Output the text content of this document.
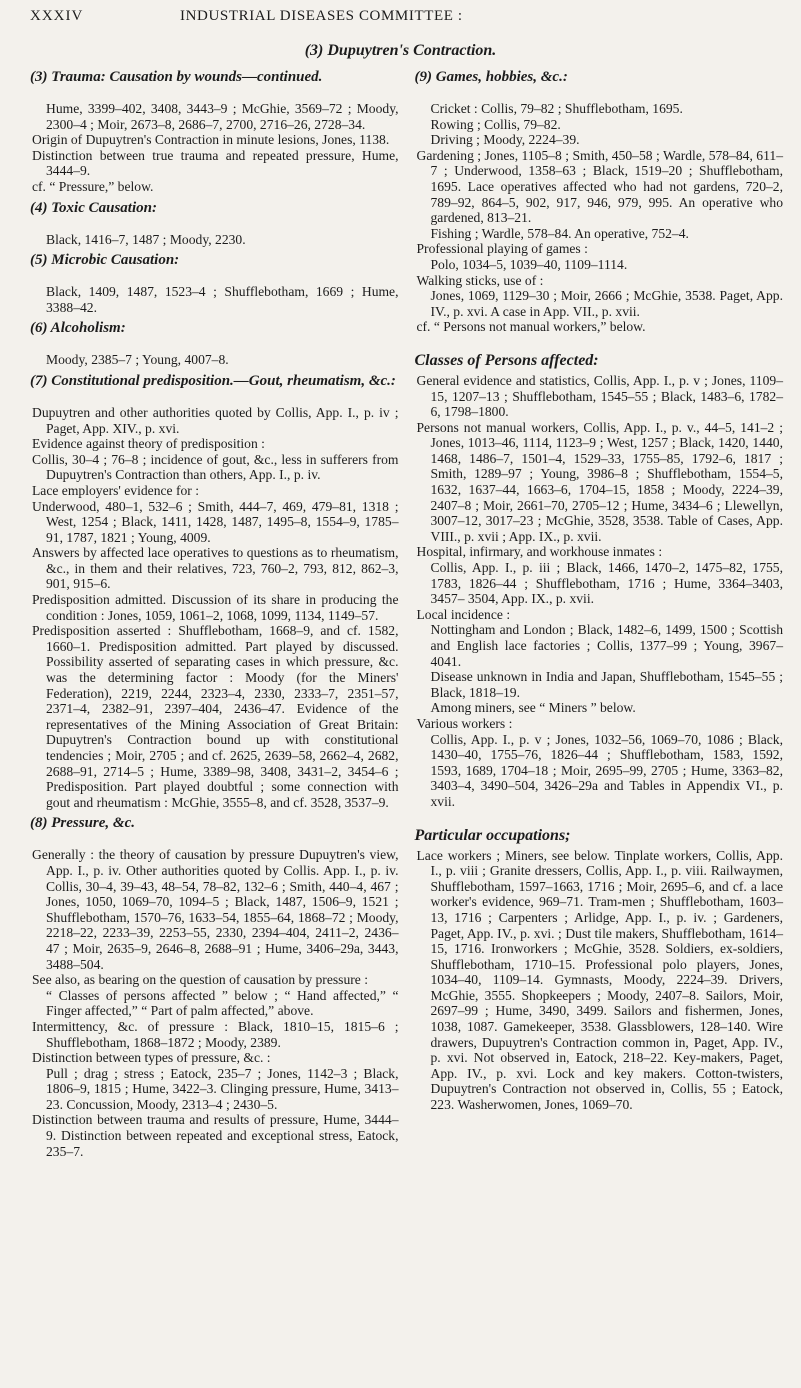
XXXIV	INDUSTRIAL DISEASES COMMITTEE :
(3) Dupuytren's Contraction.

(3) Trauma: Causation by wounds—continued.

Hume, 3399–402, 3408, 3443–9 ; McGhie, 3569–72 ; Moody, 2300–4 ; Moir, 2673–8, 2686–7, 2700, 2716–26, 2728–34.

Origin of Dupuytren's Contraction in minute lesions, Jones, 1138.

Distinction between true trauma and repeated pressure, Hume, 3444–9.

cf. “ Pressure,” below.

(4) Toxic Causation:

Black, 1416–7, 1487 ; Moody, 2230.

(5) Microbic Causation:

Black, 1409, 1487, 1523–4 ; Shufflebotham, 1669 ; Hume, 3388–42.

(6) Alcoholism:

Moody, 2385–7 ; Young, 4007–8.

(7) Constitutional predisposition.—Gout, rheumatism, &c.:

Dupuytren and other authorities quoted by Collis, App. I., p. iv ; Paget, App. XIV., p. xvi.

Evidence against theory of predisposition :

Collis, 30–4 ; 76–8 ; incidence of gout, &c., less in sufferers from Dupuytren's Contraction than others, App. I., p. iv.

Lace employers' evidence for :

Underwood, 480–1, 532–6 ; Smith, 444–7, 469, 479–81, 1318 ; West, 1254 ; Black, 1411, 1428, 1487, 1495–8, 1554–9, 1785–91, 1787, 1821 ; Young, 4009.

Answers by affected lace operatives to questions as to rheumatism, &c., in them and their relatives, 723, 760–2, 793, 812, 862–3, 901, 915–6.

Predisposition admitted. Discussion of its share in producing the condition : Jones, 1059, 1061–2, 1068, 1099, 1134, 1149–57.

Predisposition asserted : Shufflebotham, 1668–9, and cf. 1582, 1660–1. Predisposition admitted. Part played by discussed. Possibility asserted of separating cases in which pressure, &c. was the determining factor : Moody (for the Miners' Federation), 2219, 2244, 2323–4, 2330, 2333–7, 2351–57, 2371–4, 2382–91, 2397–404, 2436–47. Evidence of the representatives of the Mining Association of Great Britain: Dupuytren's Contraction bound up with constitutional tendencies ; Moir, 2705 ; and cf. 2625, 2639–58, 2662–4, 2682, 2688–91, 2714–5 ; Hume, 3389–98, 3408, 3431–2, 3454–6 ; Predisposition. Part played doubtful ; some connection with gout and rheumatism : McGhie, 3555–8, and cf. 3528, 3537–9.

(8) Pressure, &c.

Generally : the theory of causation by pressure Dupuytren's view, App. I., p. iv. Other authorities quoted by Collis. App. I., p. iv. Collis, 30–4, 39–43, 48–54, 78–82, 132–6 ; Smith, 440–4, 467 ; Jones, 1050, 1069–70, 1094–5 ; Black, 1487, 1506–9, 1521 ; Shufflebotham, 1570–76, 1633–54, 1855–64, 1868–72 ; Moody, 2218–22, 2233–39, 2253–55, 2330, 2394–404, 2411–2, 2436–47 ; Moir, 2635–9, 2646–8, 2688–91 ; Hume, 3406–29a, 3443, 3488–504.

See also, as bearing on the question of causation by pressure :

“ Classes of persons affected ” below ; “ Hand affected,” “ Finger affected,” “ Part of palm affected,” above.

Intermittency, &c. of pressure : Black, 1810–15, 1815–6 ; Shufflebotham, 1868–1872 ; Moody, 2389.

Distinction between types of pressure, &c. :

Pull ; drag ; stress ; Eatock, 235–7 ; Jones, 1142–3 ; Black, 1806–9, 1815 ; Hume, 3422–3. Clinging pressure, Hume, 3413–23. Concussion, Moody, 2313–4 ; 2430–5.

Distinction between trauma and results of pressure, Hume, 3444–9. Distinction between repeated and exceptional stress, Eatock, 235–7.

(9) Games, hobbies, &c.:

Cricket : Collis, 79–82 ; Shufflebotham, 1695.

Rowing ; Collis, 79–82.

Driving ; Moody, 2224–39.

Gardening ; Jones, 1105–8 ; Smith, 450–58 ; Wardle, 578–84, 611–7 ; Underwood, 1358–63 ; Black, 1519–20 ; Shufflebotham, 1695. Lace operatives affected who had not gardens, 720–2, 789–92, 864–5, 902, 917, 946, 979, 995. An operative who gardened, 813–21.

Fishing ; Wardle, 578–84. An operative, 752–4.

Professional playing of games :

Polo, 1034–5, 1039–40, 1109–1114.

Walking sticks, use of :

Jones, 1069, 1129–30 ; Moir, 2666 ; McGhie, 3538. Paget, App. IV., p. xvi. A case in App. VII., p. xvii.

cf. “ Persons not manual workers,” below.

Classes of Persons affected:

General evidence and statistics, Collis, App. I., p. v ; Jones, 1109–15, 1207–13 ; Shufflebotham, 1545–55 ; Black, 1483–6, 1782–6, 1798–1800.

Persons not manual workers, Collis, App. I., p. v., 44–5, 141–2 ; Jones, 1013–46, 1114, 1123–9 ; West, 1257 ; Black, 1420, 1440, 1468, 1486–7, 1501–4, 1529–33, 1755–85, 1792–6, 1817 ; Smith, 1289–97 ; Young, 3986–8 ; Shufflebotham, 1554–5, 1632, 1637–44, 1663–6, 1704–15, 1858 ; Moody, 2224–39, 2407–8 ; Moir, 2661–70, 2705–12 ; Hume, 3434–6 ; Llewellyn, 3007–12, 3017–23 ; McGhie, 3528, 3538. Table of Cases, App. VIII., p. xvii ; App. IX., p. xvii.

Hospital, infirmary, and workhouse inmates :

Collis, App. I., p. iii ; Black, 1466, 1470–2, 1475–82, 1755, 1783, 1826–44 ; Shufflebotham, 1716 ; Hume, 3364–3403, 3457– 3504, App. IX., p. xvii.

Local incidence :

Nottingham and London ; Black, 1482–6, 1499, 1500 ; Scottish and English lace factories ; Collis, 1377–99 ; Young, 3967–4041.

Disease unknown in India and Japan, Shufflebotham, 1545–55 ; Black, 1818–19.

Among miners, see “ Miners ” below.

Various workers :

Collis, App. I., p. v ; Jones, 1032–56, 1069–70, 1086 ; Black, 1430–40, 1755–76, 1826–44 ; Shufflebotham, 1583, 1592, 1593, 1689, 1704–18 ; Moir, 2695–99, 2705 ; Hume, 3363–82, 3403–4, 3490–504, 3426–29a and Tables in Appendix VI., p. xvii.

Particular occupations;

Lace workers ; Miners, see below. Tinplate workers, Collis, App. I., p. viii ; Granite dressers, Collis, App. I., p. viii. Railwaymen, Shufflebotham, 1597–1663, 1716 ; Moir, 2695–6, and cf. a lace worker's evidence, 969–71. Tram-men ; Shufflebotham, 1603–13, 1716 ; Carpenters ; Arlidge, App. I., p. iv. ; Gardeners, Paget, App. IV., p. xvi. ; Dust tile makers, Shufflebotham, 1614–15, 1716. Ironworkers ; McGhie, 3528. Soldiers, ex-soldiers, Shufflebotham, 1710–15. Professional polo players, Jones, 1034–40, 1109–14. Gymnasts, Moody, 2224–39. Drivers, McGhie, 3555. Shopkeepers ; Moody, 2407–8. Sailors, Moir, 2697–99 ; Hume, 3490, 3499. Sailors and fishermen, Jones, 1038, 1087. Gamekeeper, 3538. Glassblowers, 128–140. Wire drawers, Dupuytren's Contraction common in, Paget, App. IV., p. xvi. Not observed in, Eatock, 218–22. Key-makers, Paget, App. IV., p. xvi. Lock and key makers. Cotton-twisters, Dupuytren's Contraction not observed in, Collis, 55 ; Eatock, 223. Washerwomen, Jones, 1069–70.
